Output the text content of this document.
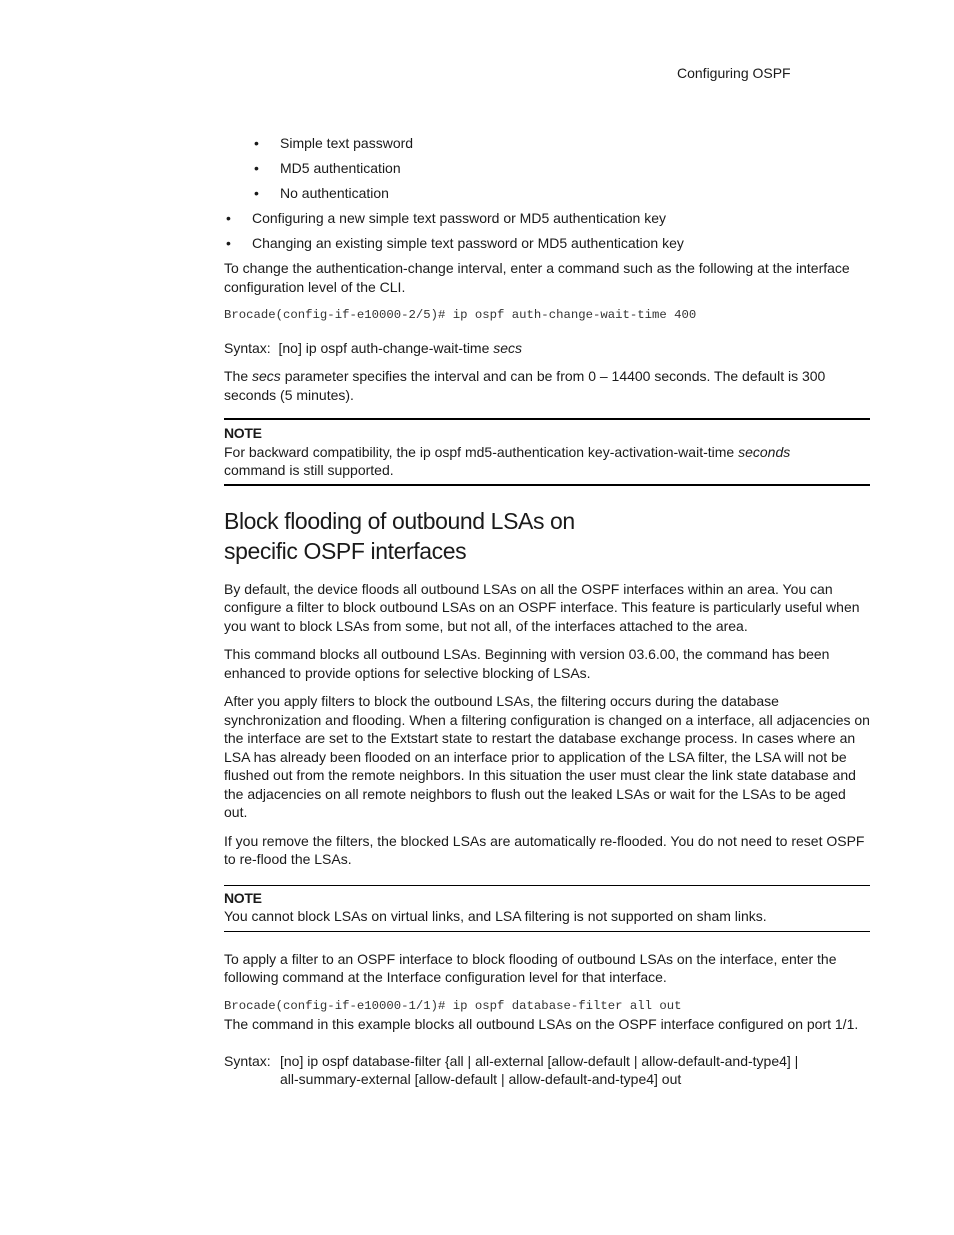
Configuring OSPF
• Simple text password
• MD5 authentication
• No authentication
• Configuring a new simple text password or MD5 authentication key
• Changing an existing simple text password or MD5 authentication key

To change the authentication-change interval, enter a command such as the following at the interface configuration level of the CLI.

Brocade(config-if-e10000-2/5)# ip ospf auth-change-wait-time 400
Syntax: [no] ip ospf auth-change-wait-time secs

The secs parameter specifies the interval and can be from 0 – 14400 seconds. The default is 300 seconds (5 minutes).

NOTE
For backward compatibility, the ip ospf md5-authentication key-activation-wait-time seconds
command is still supported.
Block flooding of outbound LSAs on specific OSPF interfaces

By default, the device floods all outbound LSAs on all the OSPF interfaces within an area. You can configure a filter to block outbound LSAs on an OSPF interface. This feature is particularly useful when you want to block LSAs from some, but not all, of the interfaces attached to the area.

This command blocks all outbound LSAs. Beginning with version 03.6.00, the command has been enhanced to provide options for selective blocking of LSAs.

After you apply filters to block the outbound LSAs, the filtering occurs during the database synchronization and flooding. When a filtering configuration is changed on a interface, all adjacencies on the interface are set to the Extstart state to restart the database exchange process. In cases where an LSA has already been flooded on an interface prior to application of the LSA filter, the LSA will not be flushed out from the remote neighbors. In this situation the user must clear the link state database and the adjacencies on all remote neighbors to flush out the leaked LSAs or wait for the LSAs to be aged out.

If you remove the filters, the blocked LSAs are automatically re-flooded. You do not need to reset OSPF to re-flood the LSAs.

NOTE
You cannot block LSAs on virtual links, and LSA filtering is not supported on sham links.

To apply a filter to an OSPF interface to block flooding of outbound LSAs on the interface, enter the following command at the Interface configuration level for that interface.

Brocade(config-if-e10000-1/1)# ip ospf database-filter all out

The command in this example blocks all outbound LSAs on the OSPF interface configured on port 1/1.

Syntax: [no] ip ospf database-filter {all | all-external [allow-default | allow-default-and-type4] |
all-summary-external [allow-default | allow-default-and-type4] out
